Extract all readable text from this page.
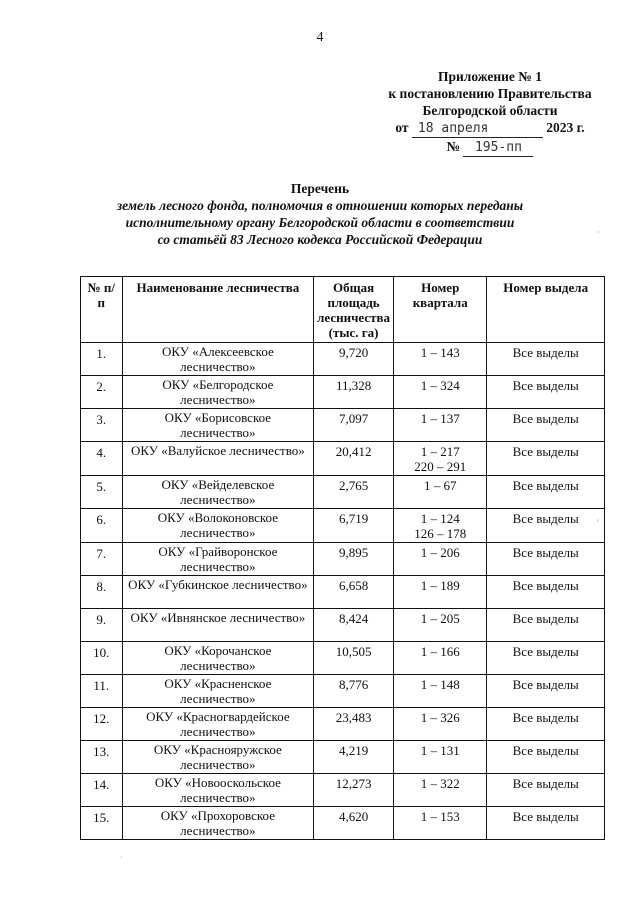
4
Приложение № 1
к постановлению Правительства
Белгородской области
от 18 апреля	2023 г.
№ 195-пп
Перечень
земель лесного фонда, полномочия в отношении которых переданы
исполнительному органу Белгородской области в соответствии
со статьёй 83 Лесного кодекса Российской Федерации
№ п/п	Наименование лесничества	Общая площадь лесничества (тыс. га)	Номер квартала	Номер выдела
1.	ОКУ «Алексеевское лесничество»	9,720	1 – 143	Все выделы
2.	ОКУ «Белгородское лесничество»	11,328	1 – 324	Все выделы
3.	ОКУ «Борисовское лесничество»	7,097	1 – 137	Все выделы
4.	ОКУ «Валуйское лесничество»	20,412	1 – 217
220 – 291	Все выделы
5.	ОКУ «Вейделевское лесничество»	2,765	1 – 67	Все выделы
6.	ОКУ «Волоконовское лесничество»	6,719	1 – 124
126 – 178	Все выделы
7.	ОКУ «Грайворонское лесничество»	9,895	1 – 206	Все выделы
8.	ОКУ «Губкинское лесничество»	6,658	1 – 189	Все выделы
9.	ОКУ «Ивнянское лесничество»	8,424	1 – 205	Все выделы
10.	ОКУ «Корочанское лесничество»	10,505	1 – 166	Все выделы
11.	ОКУ «Красненское лесничество»	8,776	1 – 148	Все выделы
12.	ОКУ «Красногвардейское лесничество»	23,483	1 – 326	Все выделы
13.	ОКУ «Краснояружское лесничество»	4,219	1 – 131	Все выделы
14.	ОКУ «Новооскольское лесничество»	12,273	1 – 322	Все выделы
15.	ОКУ «Прохоровское лесничество»	4,620	1 – 153	Все выделы
'
·
·
